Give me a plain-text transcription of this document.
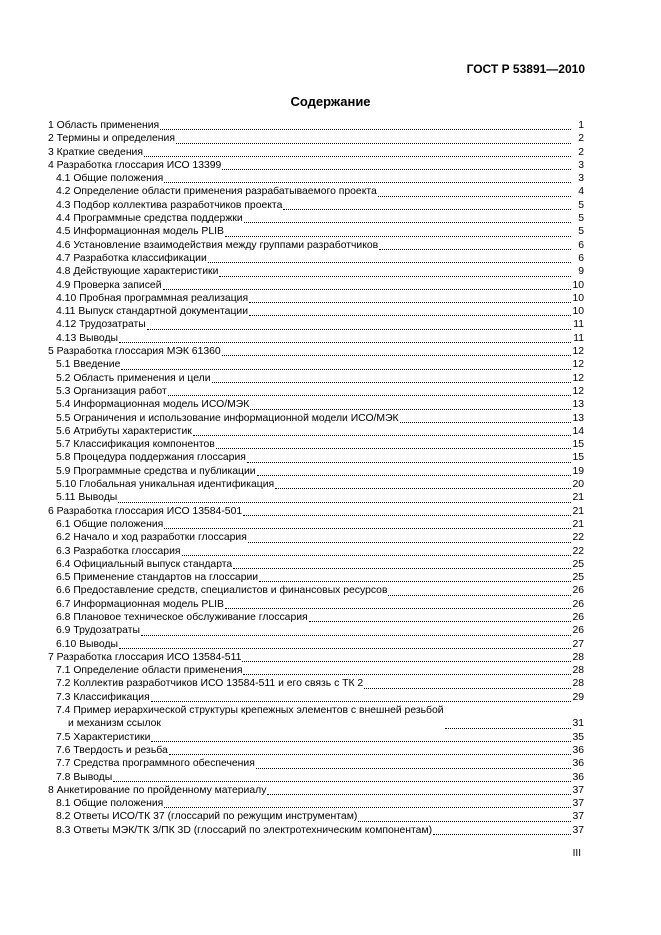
ГОСТ Р 53891—2010
Содержание
1 Область применения	1
2 Термины и определения	2
3 Краткие сведения	2
4 Разработка глоссария ИСО 13399	3
4.1 Общие положения	3
4.2 Определение области применения разрабатываемого проекта	4
4.3 Подбор коллектива разработчиков проекта	5
4.4 Программные средства поддержки	5
4.5 Информационная модель PLIB	5
4.6 Установление взаимодействия между группами разработчиков	6
4.7 Разработка классификации	6
4.8 Действующие характеристики	9
4.9 Проверка записей	10
4.10 Пробная программная реализация	10
4.11 Выпуск стандартной документации	10
4.12 Трудозатраты	11
4.13 Выводы	11
5 Разработка глоссария МЭК 61360	12
5.1 Введение	12
5.2 Область применения и цели	12
5.3 Организация работ	12
5.4 Информационная модель ИСО/МЭК	13
5.5 Ограничения и использование информационной модели ИСО/МЭК	13
5.6 Атрибуты характеристик	14
5.7 Классификация компонентов	15
5.8 Процедура поддержания глоссария	15
5.9 Программные средства и публикации	19
5.10 Глобальная уникальная идентификация	20
5.11 Выводы	21
6 Разработка глоссария ИСО 13584-501	21
6.1 Общие положения	21
6.2 Начало и ход разработки глоссария	22
6.3 Разработка глоссария	22
6.4 Официальный выпуск стандарта	25
6.5 Применение стандартов на глоссарии	25
6.6 Предоставление средств, специалистов и финансовых ресурсов	26
6.7 Информационная модель PLIB	26
6.8 Плановое техническое обслуживание глоссария	26
6.9 Трудозатраты	26
6.10 Выводы	27
7 Разработка глоссария ИСО 13584-511	28
7.1 Определение области применения	28
7.2 Коллектив разработчиков ИСО 13584-511 и его связь с ТК 2	28
7.3 Классификация	29
7.4 Пример иерархической структуры крепежных элементов с внешней резьбой
и механизм ссылок	31
7.5 Характеристики	35
7.6 Твердость и резьба	36
7.7 Средства программного обеспечения	36
7.8 Выводы	36
8 Анкетирование по пройденному материалу	37
8.1 Общие положения	37
8.2 Ответы ИСО/ТК 37 (глоссарий по режущим инструментам)	37
8.3 Ответы МЭК/ТК 3/ПК 3D (глоссарий по электротехническим компонентам)	37
III
